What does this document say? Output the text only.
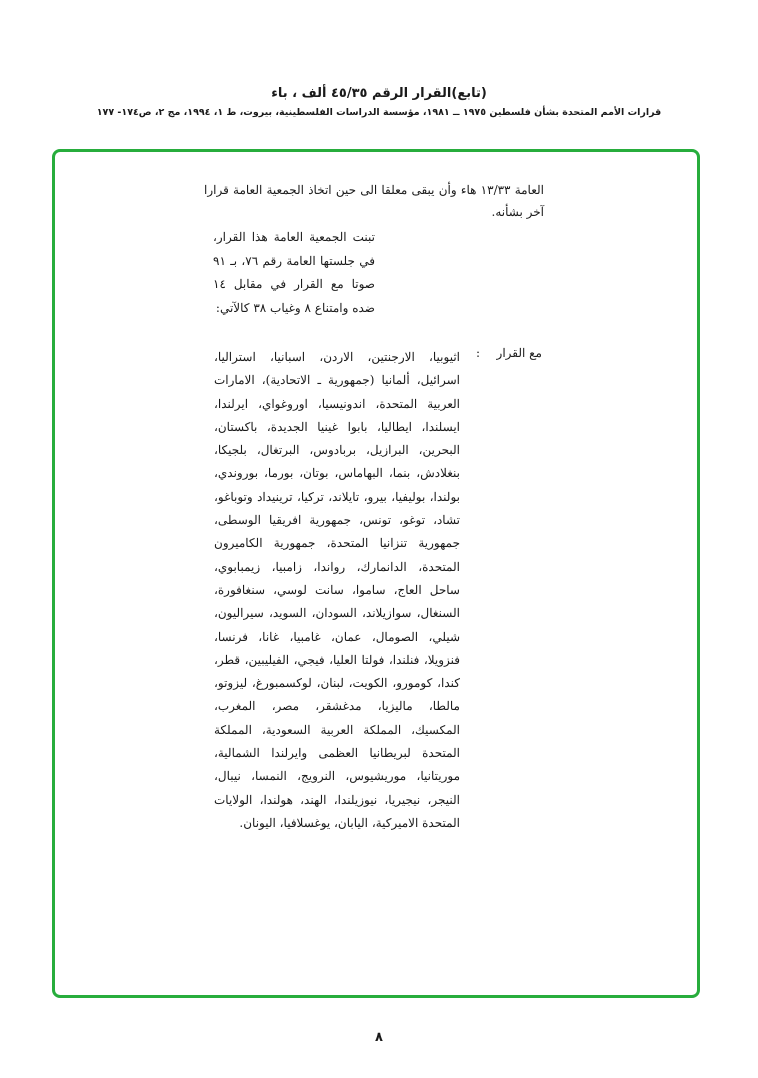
(تابع)القرار الرقم ٤٥/٣٥ ألف ، باء
قرارات الأمم المتحدة بشأن فلسطين ١٩٧٥ ــ ١٩٨١، مؤسسة الدراسات الفلسطينية، بيروت، ط ١، ١٩٩٤، مج ٢، ص١٧٤- ١٧٧
العامة ١٣/٣٣ هاء وأن يبقى معلقا الى حين اتخاذ الجمعية العامة قرارا آخر بشأنه.
تبنت الجمعية العامة هذا القرار، في جلستها العامة رقم ٧٦، بـ ٩١ صوتا مع القرار في مقابل ١٤ ضده وامتناع ٨ وغياب ٣٨ كالآتي:
مع القرار
:
اثيوبيا، الارجنتين، الاردن، اسبانيا، استراليا، اسرائيل، ألمانيا (جمهورية ـ الاتحادية)، الامارات العربية المتحدة، اندونيسيا، اوروغواي، ايرلندا، ايسلندا، ايطاليا، بابوا غينيا الجديدة، باكستان، البحرين، البرازيل، بربادوس، البرتغال، بلجيكا، بنغلادش، بنما، البهاماس، بوتان، بورما، بوروندي، بولندا، بوليفيا، بيرو، تايلاند، تركيا، ترينيداد وتوباغو، تشاد، توغو، تونس، جمهورية افريقيا الوسطى، جمهورية تنزانيا المتحدة، جمهورية الكاميرون المتحدة، الدانمارك، رواندا، زامبيا، زيمبابوي، ساحل العاج، ساموا، سانت لوسي، سنغافورة، السنغال، سوازيلاند، السودان، السويد، سيراليون، شيلي، الصومال، عمان، غامبيا، غانا، فرنسا، فنزويلا، فنلندا، فولتا العليا، فيجي، الفيليبين، قطر، كندا، كومورو، الكويت، لبنان، لوكسمبورغ، ليزوتو، مالطا، ماليزيا، مدغشقر، مصر، المغرب، المكسيك، المملكة العربية السعودية، المملكة المتحدة لبريطانيا العظمى وايرلندا الشمالية، موريتانيا، موريشيوس، النرويج، النمسا، نيبال، النيجر، نيجيريا، نيوزيلندا، الهند، هولندا، الولايات المتحدة الاميركية، اليابان، يوغسلافيا، اليونان.
٨
